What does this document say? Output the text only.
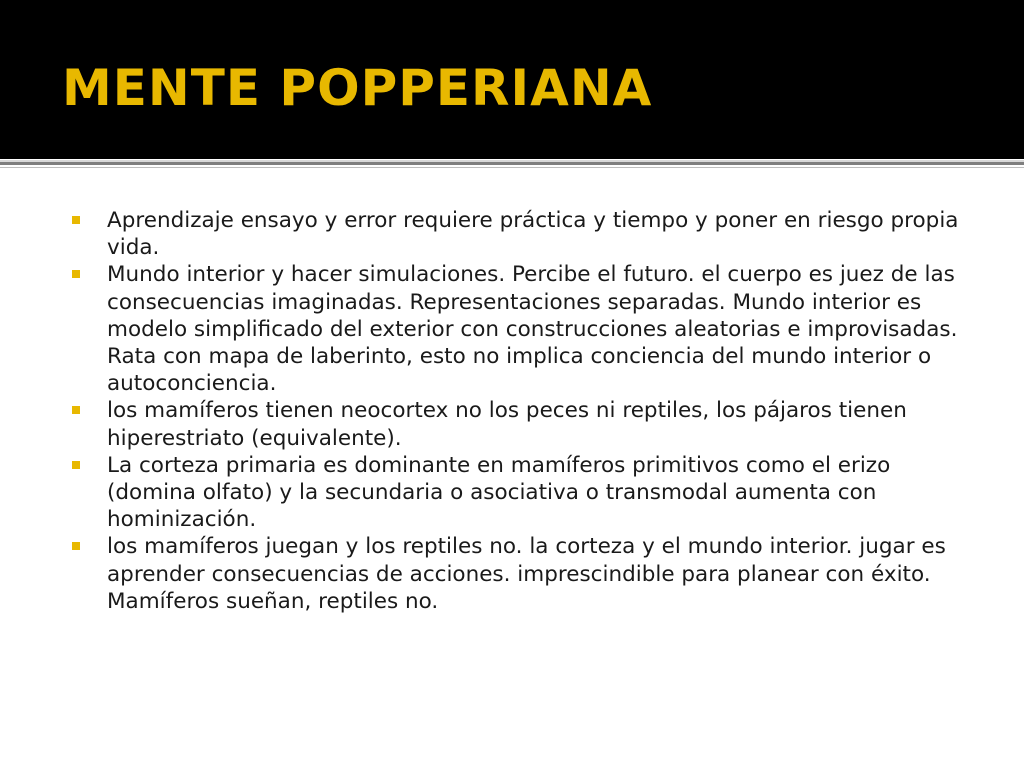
MENTE POPPERIANA
Aprendizaje ensayo y error requiere práctica y tiempo y poner en riesgo propia vida.
Mundo interior y hacer simulaciones. Percibe el futuro. el cuerpo es juez de las consecuencias imaginadas. Representaciones separadas. Mundo interior es modelo simplificado del exterior con construcciones aleatorias e improvisadas. Rata con mapa de laberinto, esto no implica conciencia del mundo interior o autoconciencia.
los mamíferos tienen neocortex no los peces ni reptiles, los pájaros tienen hiperestriato (equivalente).
La corteza primaria es dominante en mamíferos primitivos como el erizo (domina olfato) y la secundaria o asociativa o transmodal aumenta con hominización.
los mamíferos juegan y los reptiles no. la corteza y el mundo interior. jugar es aprender consecuencias de acciones. imprescindible para planear con éxito. Mamíferos sueñan, reptiles no.
